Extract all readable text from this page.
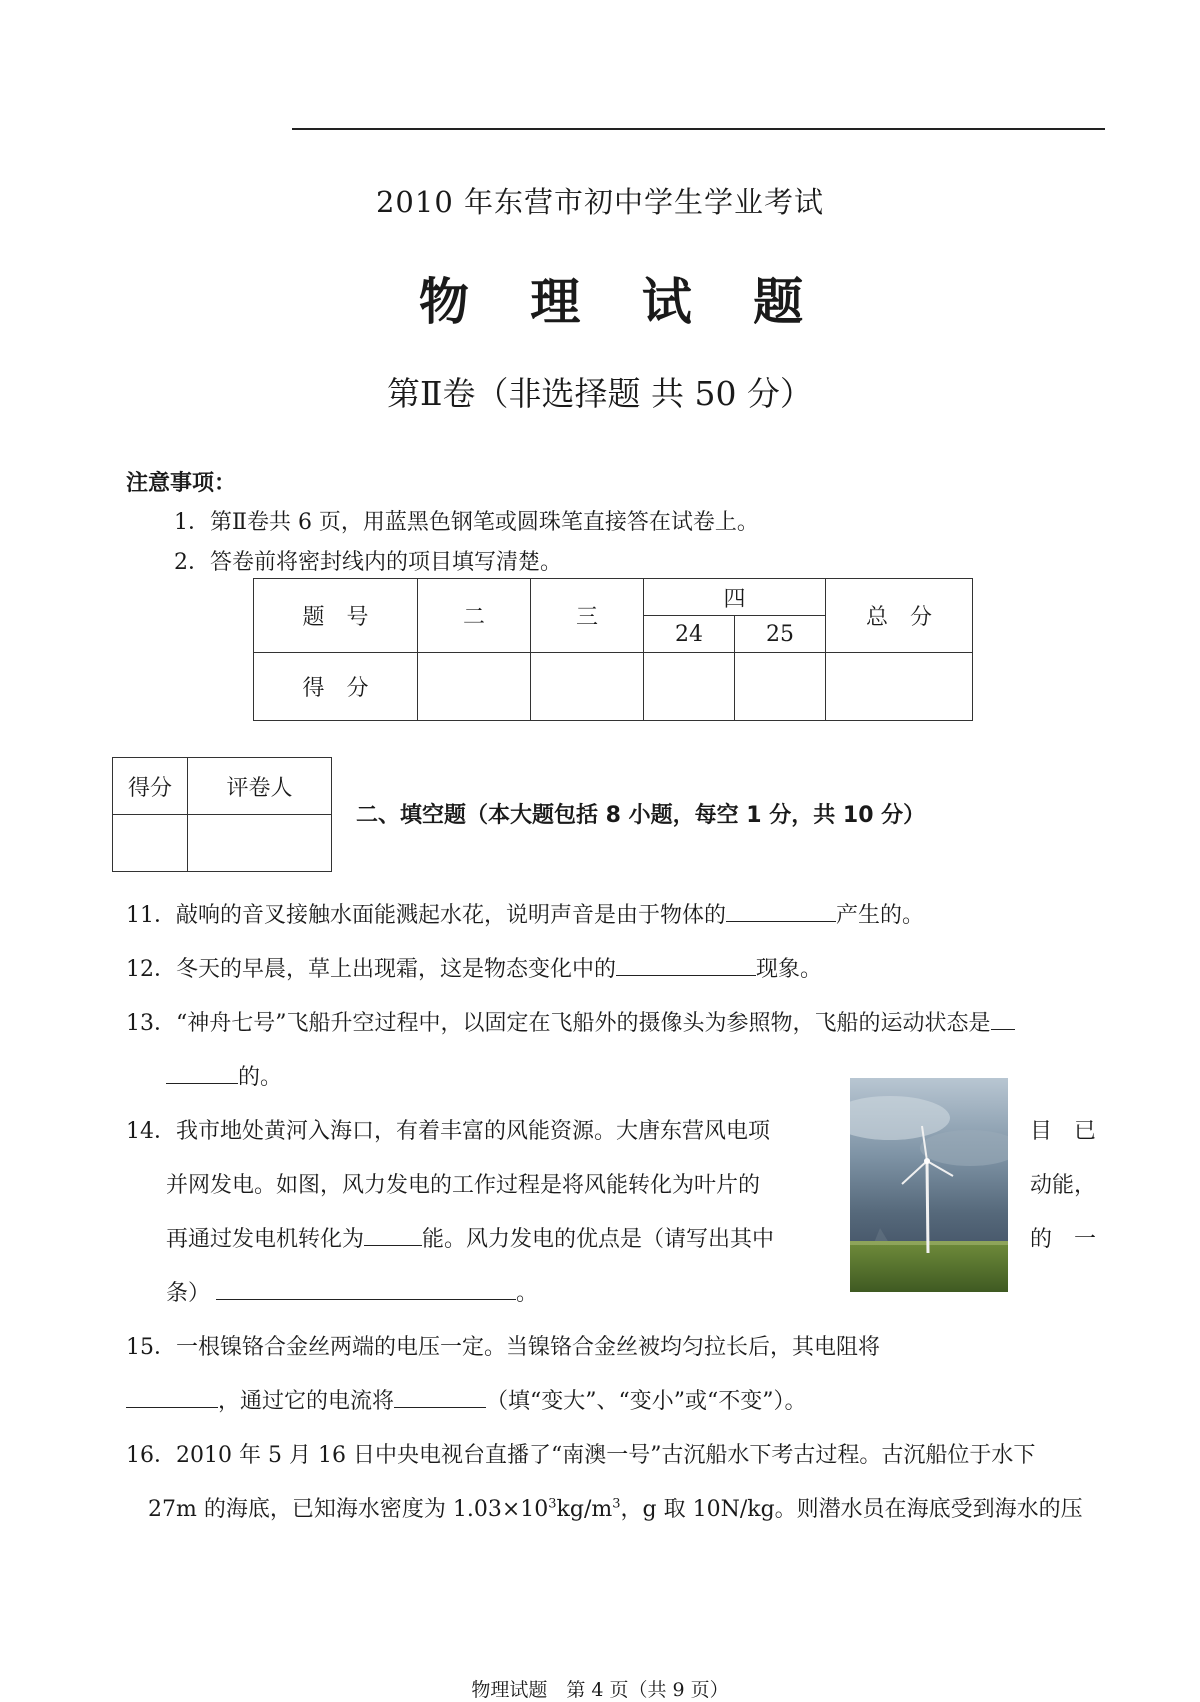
2010 年东营市初中学生学业考试
物 理 试 题
第Ⅱ卷（非选择题 共 50 分）
注意事项：
1．第Ⅱ卷共 6 页，用蓝黑色钢笔或圆珠笔直接答在试卷上。
2．答卷前将密封线内的项目填写清楚。
题　号	二	三	四		总　分
			24	25	
得　分					
得分	评卷人

二、填空题（本大题包括 8 小题，每空 1 分，共 10 分）
11．敲响的音叉接触水面能溅起水花，说明声音是由于物体的	产生的。
12．冬天的早晨，草上出现霜，这是物态变化中的	现象。
13．“神舟七号”飞船升空过程中，以固定在飞船外的摄像头为参照物，飞船的运动状态是
的。
14．我市地处黄河入海口，有着丰富的风能资源。大唐东营风电项	目　已
并网发电。如图，风力发电的工作过程是将风能转化为叶片的	动能，
再通过发电机转化为	能。风力发电的优点是（请写出其中	的　一
条）	。
15．一根镍铬合金丝两端的电压一定。当镍铬合金丝被均匀拉长后，其电阻将
，通过它的电流将	（填“变大”、“变小”或“不变”）。
16．2010 年 5 月 16 日中央电视台直播了“南澳一号”古沉船水下考古过程。古沉船位于水下
27m 的海底，已知海水密度为 $1.03\times 10^3kg/m^3$，g 取 10N/kg。则潜水员在海底受到海水的压
物理试题　第 4 页（共 9 页）
